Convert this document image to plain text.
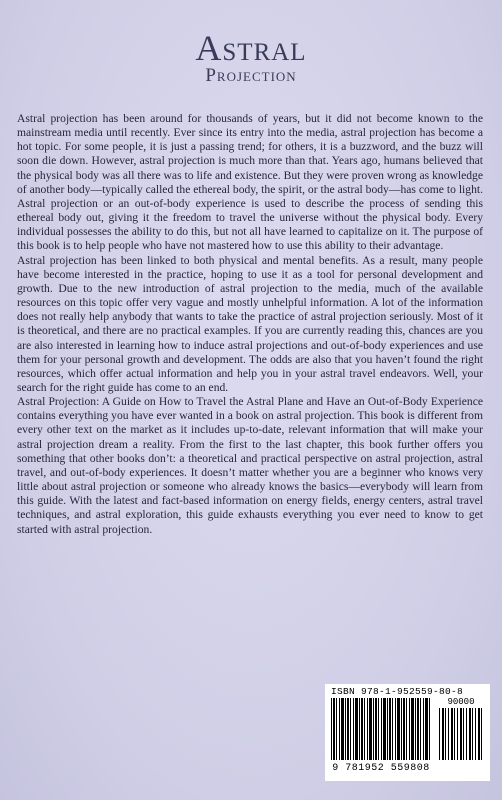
Astral
Projection

Astral projection has been around for thousands of years, but it did not become known to the mainstream media until recently. Ever since its entry into the media, astral projection has become a hot topic. For some people, it is just a passing trend; for others, it is a buzzword, and the buzz will soon die down. However, astral projection is much more than that. Years ago, humans believed that the physical body was all there was to life and existence. But they were proven wrong as knowledge of another body—typically called the ethereal body, the spirit, or the astral body—has come to light. Astral projection or an out-of-body experience is used to describe the process of sending this ethereal body out, giving it the freedom to travel the universe without the physical body. Every individual possesses the ability to do this, but not all have learned to capitalize on it. The purpose of this book is to help people who have not mastered how to use this ability to their advantage.

Astral projection has been linked to both physical and mental benefits. As a result, many people have become interested in the practice, hoping to use it as a tool for personal development and growth. Due to the new introduction of astral projection to the media, much of the available resources on this topic offer very vague and mostly unhelpful information. A lot of the information does not really help anybody that wants to take the practice of astral projection seriously. Most of it is theoretical, and there are no practical examples. If you are currently reading this, chances are you are also interested in learning how to induce astral projections and out-of-body experiences and use them for your personal growth and development. The odds are also that you haven’t found the right resources, which offer actual information and help you in your astral travel endeavors. Well, your search for the right guide has come to an end.

Astral Projection: A Guide on How to Travel the Astral Plane and Have an Out-of-Body Experience contains everything you have ever wanted in a book on astral projection. This book is different from every other text on the market as it includes up-to-date, relevant information that will make your astral projection dream a reality. From the first to the last chapter, this book further offers you something that other books don’t: a theoretical and practical perspective on astral projection, astral travel, and out-of-body experiences. It doesn’t matter whether you are a beginner who knows very little about astral projection or someone who already knows the basics—everybody will learn from this guide. With the latest and fact-based information on energy fields, energy centers, astral travel techniques, and astral exploration, this guide exhausts everything you ever need to know to get started with astral projection.

ISBN 978-1-952559-80-8
90000
9 781952 559808
